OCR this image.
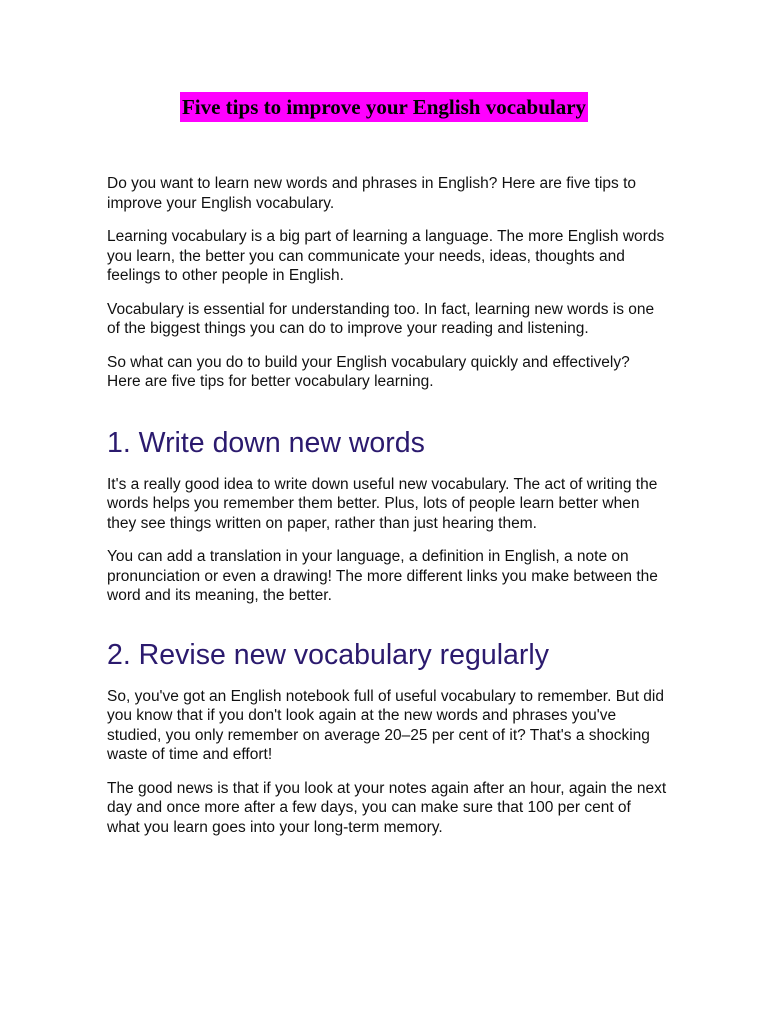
Five tips to improve your English vocabulary

Do you want to learn new words and phrases in English? Here are five tips to improve your English vocabulary.

Learning vocabulary is a big part of learning a language. The more English words you learn, the better you can communicate your needs, ideas, thoughts and feelings to other people in English.

Vocabulary is essential for understanding too. In fact, learning new words is one of the biggest things you can do to improve your reading and listening.

So what can you do to build your English vocabulary quickly and effectively? Here are five tips for better vocabulary learning.

1. Write down new words

It's a really good idea to write down useful new vocabulary. The act of writing the words helps you remember them better. Plus, lots of people learn better when they see things written on paper, rather than just hearing them.

You can add a translation in your language, a definition in English, a note on pronunciation or even a drawing! The more different links you make between the word and its meaning, the better.

2. Revise new vocabulary regularly

So, you've got an English notebook full of useful vocabulary to remember. But did you know that if you don't look again at the new words and phrases you've studied, you only remember on average 20–25 per cent of it? That's a shocking waste of time and effort!

The good news is that if you look at your notes again after an hour, again the next day and once more after a few days, you can make sure that 100 per cent of what you learn goes into your long-term memory.
